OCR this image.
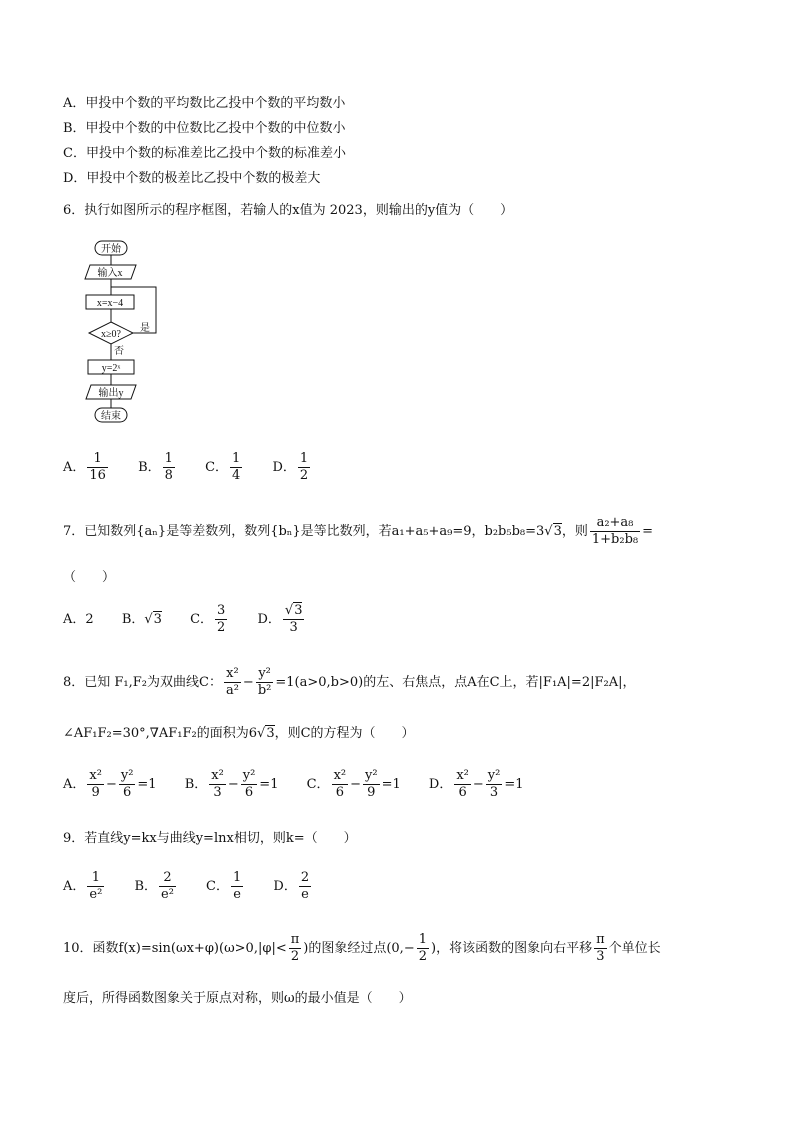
A．甲投中个数的平均数比乙投中个数的平均数小
B．甲投中个数的中位数比乙投中个数的中位数小
C．甲投中个数的标准差比乙投中个数的标准差小
D．甲投中个数的极差比乙投中个数的极差大
6．执行如图所示的程序框图，若输人的x值为 2023，则输出的y值为（　　）
开始
输入x
x=x−4
x≥0?
是
否
y=2ˣ
输出y
结束
A． $\frac{1}{16}$ B． $\frac{1}{8}$ C． $\frac{1}{4}$ D． $\frac{1}{2}$
7．已知数列{aₙ}是等差数列，数列{bₙ}是等比数列，若a₁+a₅+a₉=9，b₂b₅b₈=3√3，则 $\frac{\text{a₂+a₈}}{\text{1+b₂b₈}}$ =
（　　）
A．2 B．√3 C． $\frac{3}{2}$ D． $\frac{√3}{3}$
8．已知 F₁,F₂为双曲线C： $\frac{\text{x²}}{\text{a²}} - \frac{\text{y²}}{\text{b²}} =1(a>0,b>0)$的左、右焦点，点A在C上，若|F₁A|=2|F₂A|，
∠AF₁F₂=30°,∇AF₁F₂的面积为6√3，则C的方程为（　　）
A． $\frac{\text{x²}}{9} - \frac{\text{y²}}{6} =1$ B． $\frac{\text{x²}}{3} - \frac{\text{y²}}{6} =1$ C． $\frac{\text{x²}}{6} - \frac{\text{y²}}{9} =1$ D． $\frac{\text{x²}}{6} - \frac{\text{y²}}{3} =1$
9．若直线y=kx与曲线y=lnx相切，则k=（　　）
A． $\frac{1}{\text{e²}}$ B． $\frac{2}{\text{e²}}$ C． $\frac{1}{e}$ D． $\frac{2}{e}$
10．函数$f(x)=\sin(\omega x+\varphi)(\omega>0,|\varphi|< \frac{\pi}{2}$ )的图象经过点($0,- \frac{1}{2}$ )，将该函数的图象向右平移 $\frac{\pi}{3}$ 个单位长
度后，所得函数图象关于原点对称，则ω的最小值是（　　）
